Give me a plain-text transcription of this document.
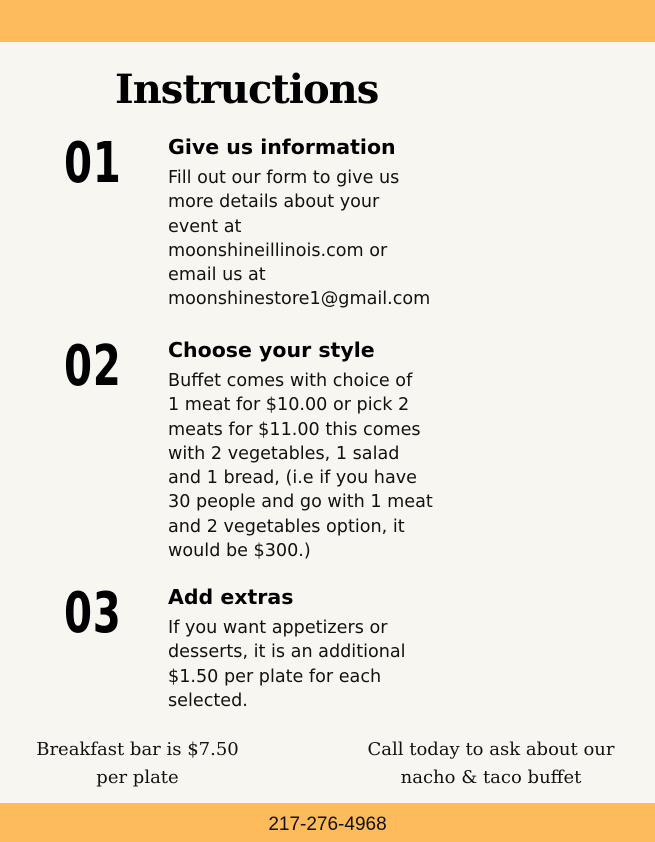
Instructions
01 Give us information

Fill out our form to give us
more details about your
event at
moonshineillinois.com or
email us at
moonshinestore1@gmail.com

02 Choose your style

Buffet comes with choice of
1 meat for $10.00 or pick 2
meats for $11.00 this comes
with 2 vegetables, 1 salad
and 1 bread, (i.e if you have
30 people and go with 1 meat
and 2 vegetables option, it
would be $300.)

03 Add extras

If you want appetizers or
desserts, it is an additional
$1.50 per plate for each
selected.

Breakfast bar is $7.50
per plate
Call today to ask about our
nacho & taco buffet
217-276-4968
